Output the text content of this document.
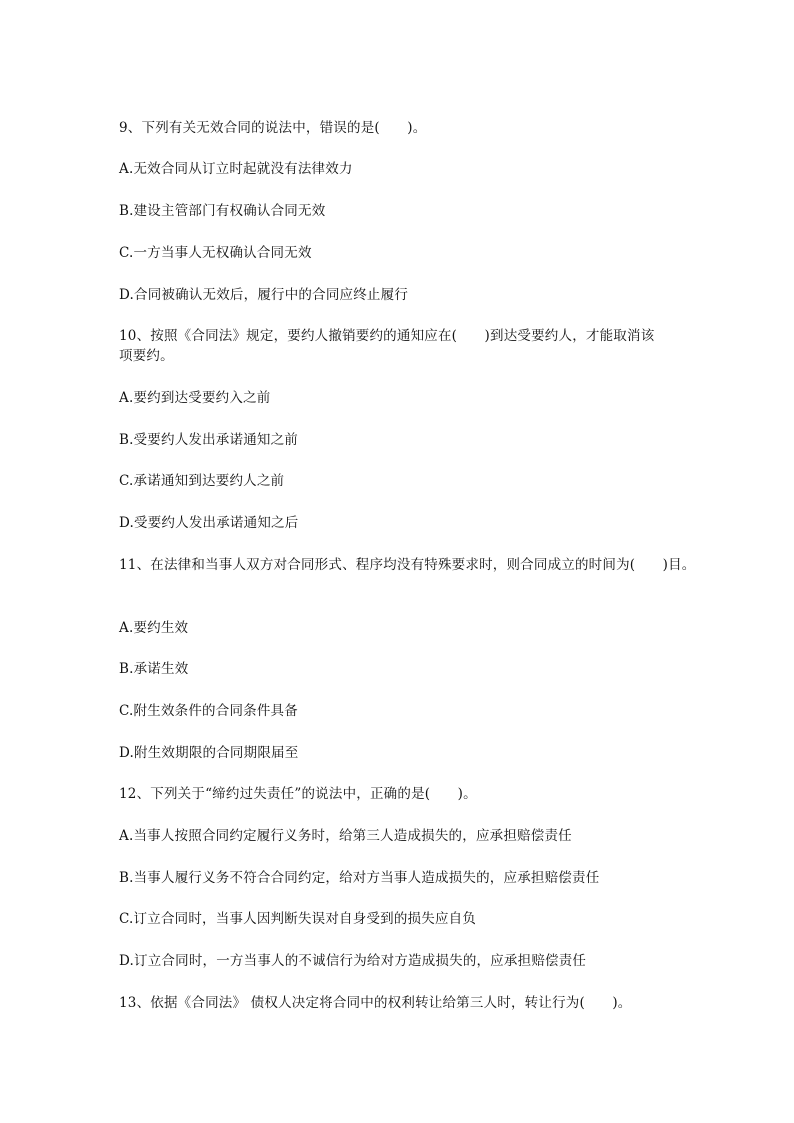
9、下列有关无效合同的说法中，错误的是(　　)。
A.无效合同从订立时起就没有法律效力
B.建设主管部门有权确认合同无效
C.一方当事人无权确认合同无效
D.合同被确认无效后，履行中的合同应终止履行
10、按照《合同法》规定，要约人撤销要约的通知应在(　　)到达受要约人，才能取消该
项要约。
A.要约到达受要约入之前
B.受要约人发出承诺通知之前
C.承诺通知到达要约人之前
D.受要约人发出承诺通知之后
11、在法律和当事人双方对合同形式、程序均没有特殊要求时，则合同成立的时间为(　　)目。
A.要约生效
B.承诺生效
C.附生效条件的合同条件具备
D.附生效期限的合同期限届至
12、下列关于“缔约过失责任”的说法中，正确的是(　　)。
A.当事人按照合同约定履行义务时，给第三人造成损失的，应承担赔偿责任
B.当事人履行义务不符合合同约定，给对方当事人造成损失的，应承担赔偿责任
C.订立合同时，当事人因判断失误对自身受到的损失应自负
D.订立合同时，一方当事人的不诚信行为给对方造成损失的，应承担赔偿责任
13、依据《合同法》 债权人决定将合同中的权利转让给第三人时，转让行为(　　)。
